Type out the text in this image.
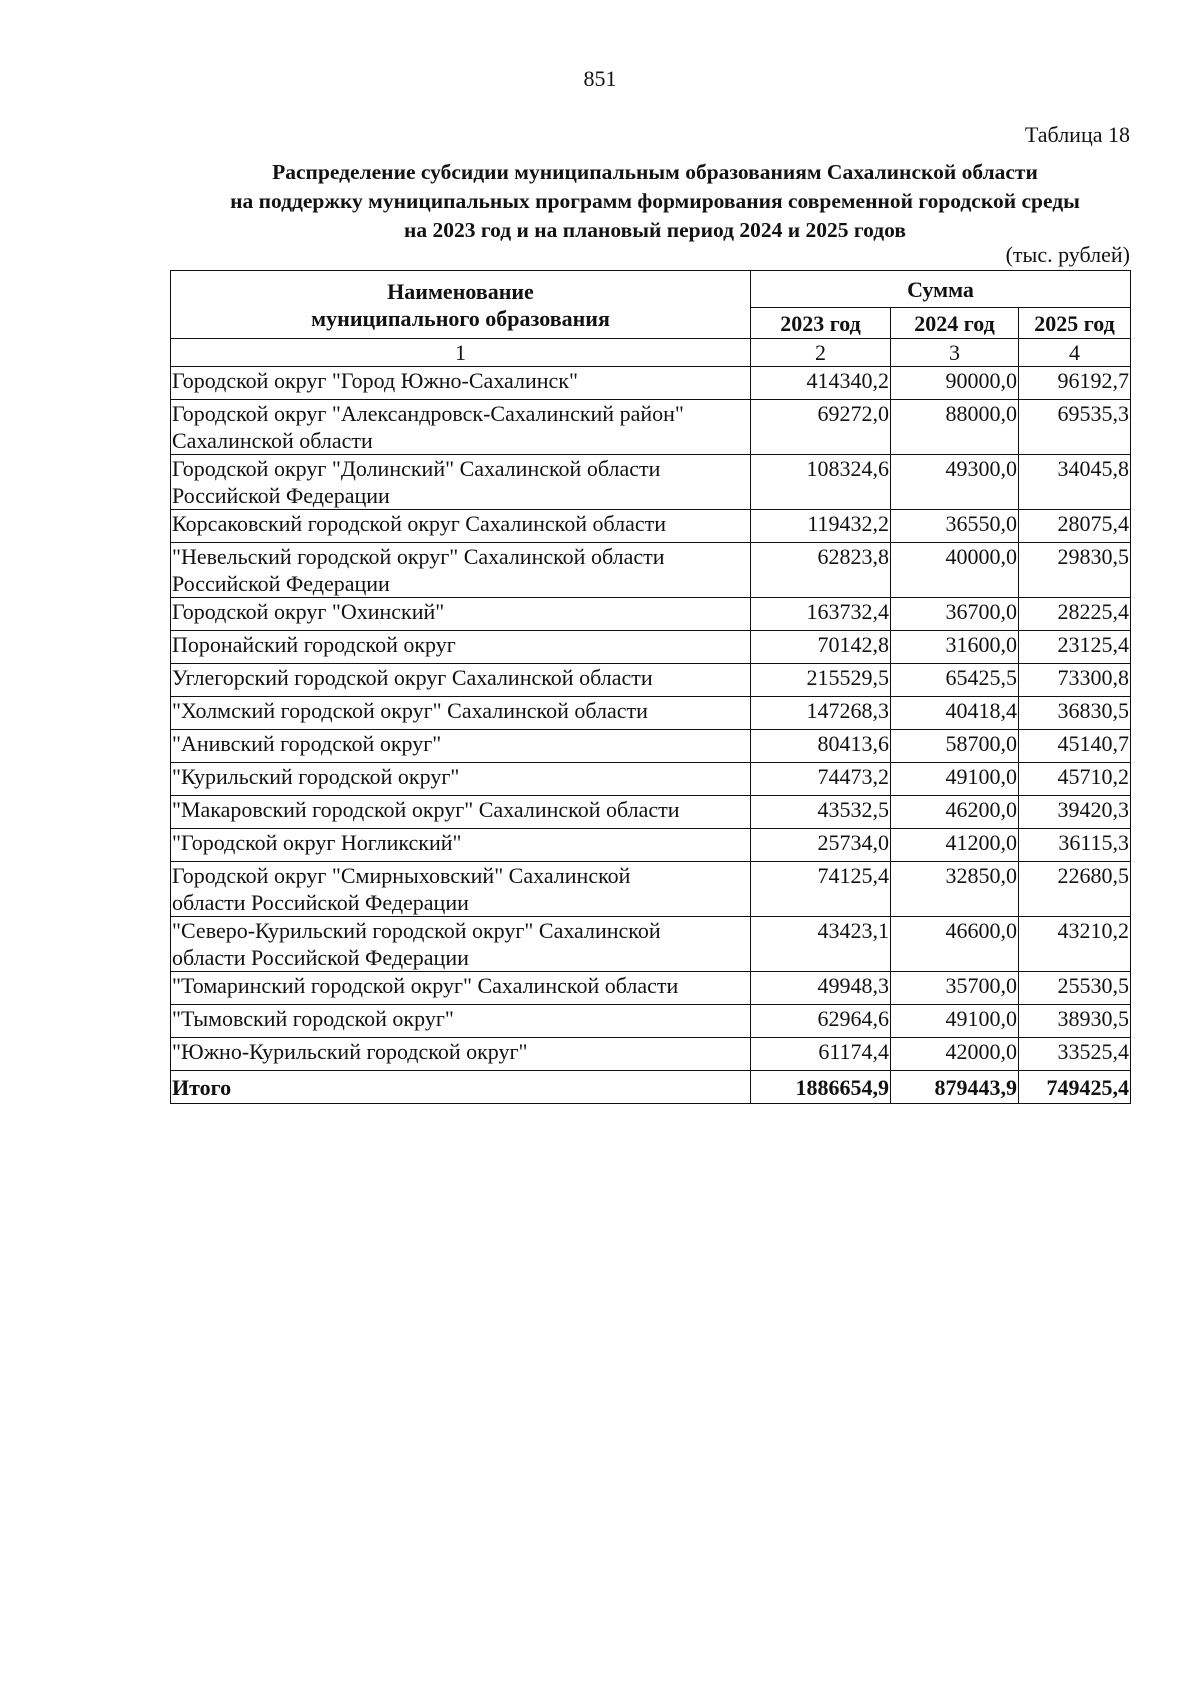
851
Таблица 18
Распределение субсидии муниципальным образованиям Сахалинской области
на поддержку муниципальных программ формирования современной городской среды
на 2023 год и на плановый период 2024 и 2025 годов
(тыс. рублей)
Наименование
муниципального образования	Сумма		
	2023 год	2024 год	2025 год
1	2	3	4

Городской округ "Город Южно-Сахалинск"	414340,2	90000,0	96192,7

Городской округ "Александровск-Сахалинский район"
Сахалинской области	69272,0	88000,0	69535,3

Городской округ "Долинский" Сахалинской области
Российской Федерации	108324,6	49300,0	34045,8

Корсаковский городской округ Сахалинской области	119432,2	36550,0	28075,4

"Невельский городской округ" Сахалинской области
Российской Федерации	62823,8	40000,0	29830,5

Городской округ "Охинский"	163732,4	36700,0	28225,4

Поронайский городской округ	70142,8	31600,0	23125,4

Углегорский городской округ Сахалинской области	215529,5	65425,5	73300,8

"Холмский городской округ" Сахалинской области	147268,3	40418,4	36830,5

"Анивский городской округ"	80413,6	58700,0	45140,7

"Курильский городской округ"	74473,2	49100,0	45710,2

"Макаровский городской округ" Сахалинской области	43532,5	46200,0	39420,3

"Городской округ Ногликский"	25734,0	41200,0	36115,3

Городской округ "Смирныховский" Сахалинской
области Российской Федерации	74125,4	32850,0	22680,5

"Северо-Курильский городской округ" Сахалинской
области Российской Федерации	43423,1	46600,0	43210,2

"Томаринский городской округ" Сахалинской области	49948,3	35700,0	25530,5

"Тымовский городской округ"	62964,6	49100,0	38930,5

"Южно-Курильский городской округ"	61174,4	42000,0	33525,4
Итого	1886654,9	879443,9	749425,4
